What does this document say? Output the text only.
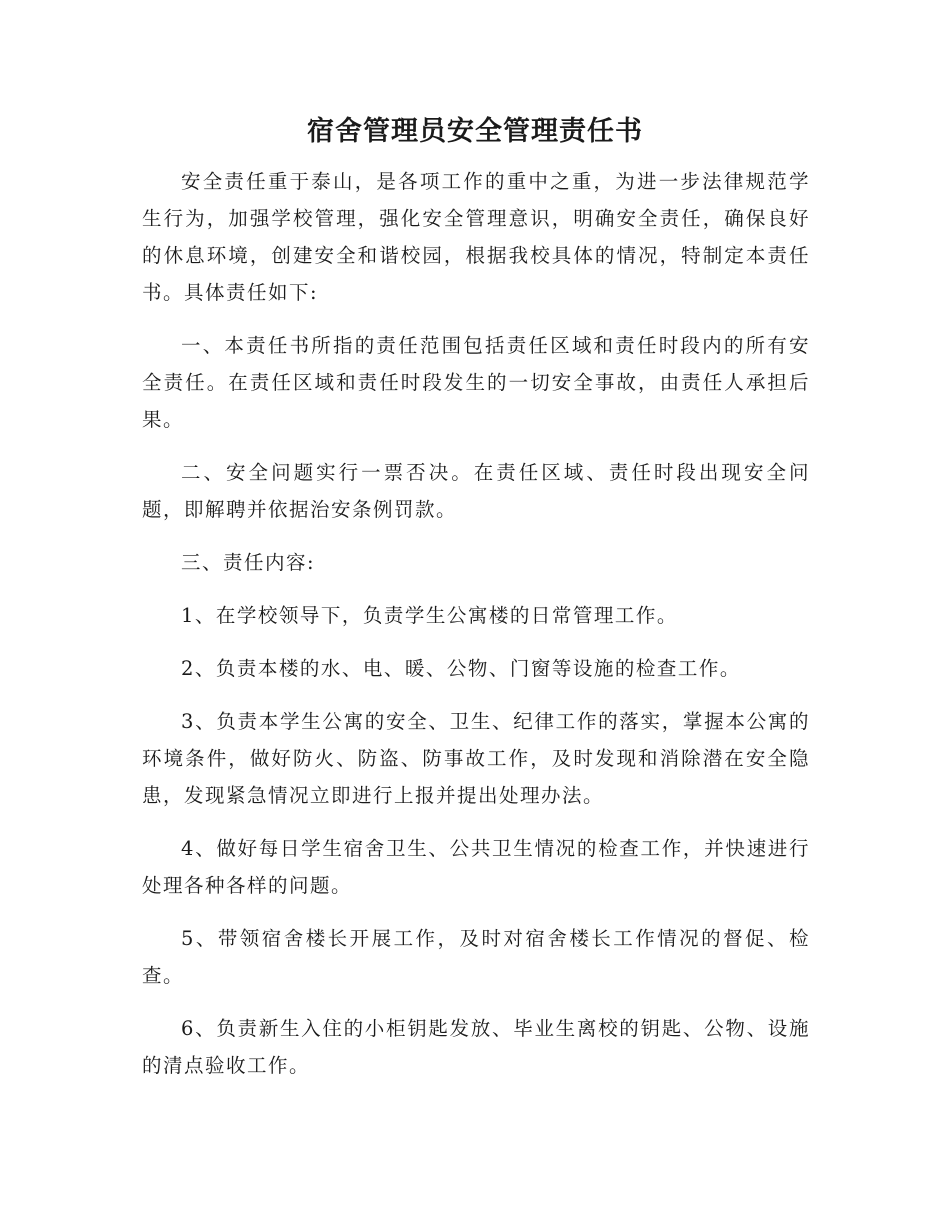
宿舍管理员安全管理责任书

安全责任重于泰山，是各项工作的重中之重，为进一步法律规范学生行为，加强学校管理，强化安全管理意识，明确安全责任，确保良好的休息环境，创建安全和谐校园，根据我校具体的情况，特制定本责任书。具体责任如下:

一、本责任书所指的责任范围包括责任区域和责任时段内的所有安全责任。在责任区域和责任时段发生的一切安全事故，由责任人承担后果。

二、安全问题实行一票否决。在责任区域、责任时段出现安全问题，即解聘并依据治安条例罚款。

三、责任内容:

1、在学校领导下，负责学生公寓楼的日常管理工作。

2、负责本楼的水、电、暖、公物、门窗等设施的检查工作。

3、负责本学生公寓的安全、卫生、纪律工作的落实，掌握本公寓的环境条件，做好防火、防盗、防事故工作，及时发现和消除潜在安全隐患，发现紧急情况立即进行上报并提出处理办法。

4、做好每日学生宿舍卫生、公共卫生情况的检查工作，并快速进行处理各种各样的问题。

5、带领宿舍楼长开展工作，及时对宿舍楼长工作情况的督促、检查。

6、负责新生入住的小柜钥匙发放、毕业生离校的钥匙、公物、设施的清点验收工作。
